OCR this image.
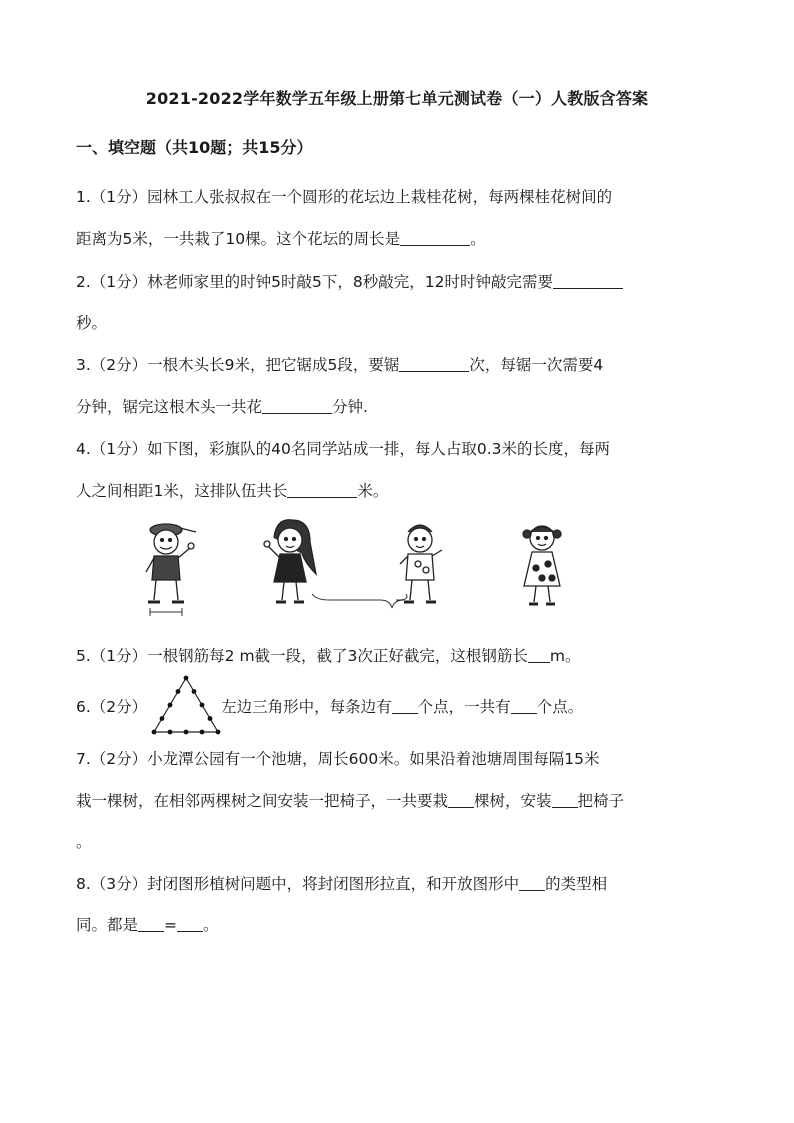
2021-2022学年数学五年级上册第七单元测试卷（一）人教版含答案
一、填空题（共10题；共15分）
1.（1分）园林工人张叔叔在一个圆形的花坛边上栽桂花树，每两棵桂花树间的
距离为5米，一共栽了10棵。这个花坛的周长是	。
2.（1分）林老师家里的时钟5时敲5下，8秒敲完，12时时钟敲完需要
秒。
3.（2分）一根木头长9米，把它锯成5段，要锯	次，每锯一次需要4
分钟，锯完这根木头一共花	分钟.
4.（1分）如下图，彩旗队的40名同学站成一排，每人占取0.3米的长度，每两
人之间相距1米，这排队伍共长	米。
5.（1分）一根钢筋每2 m截一段，截了3次正好截完，这根钢筋长 m。
6.（2分）	左边三角形中，每条边有 个点，一共有 个点。
7.（2分）小龙潭公园有一个池塘，周长600米。如果沿着池塘周围每隔15米
栽一棵树，在相邻两棵树之间安装一把椅子，一共要栽 棵树，安装 把椅子
。
8.（3分）封闭图形植树问题中，将封闭图形拉直，和开放图形中 的类型相
同。都是 = 。
